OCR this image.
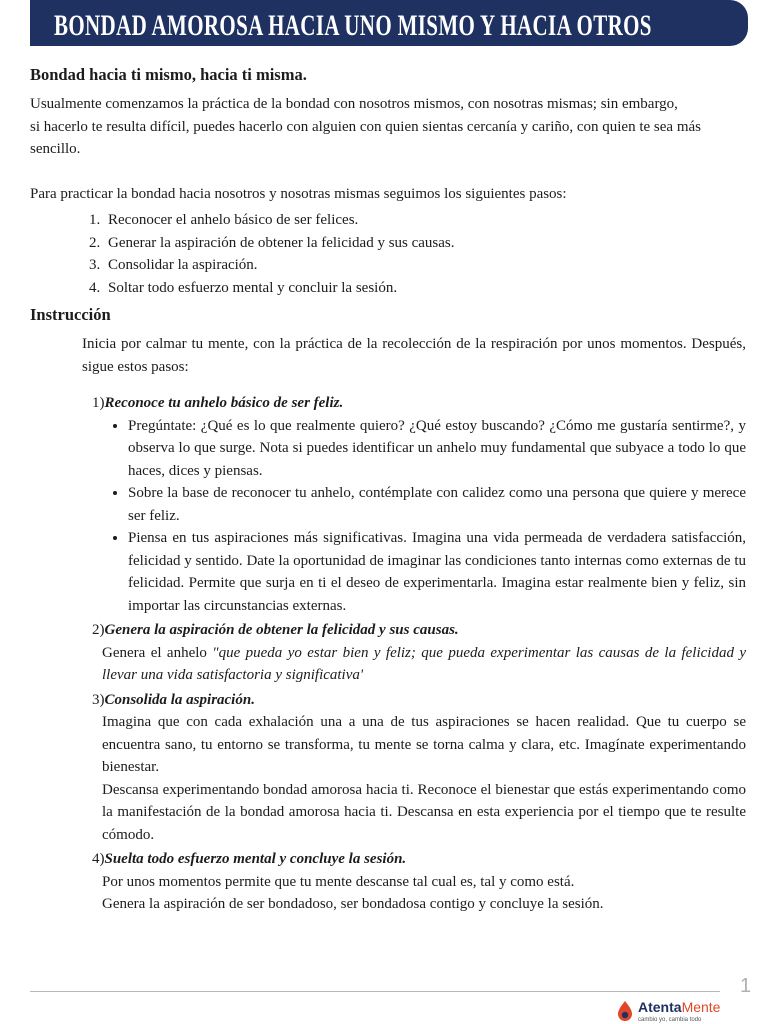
BONDAD AMOROSA HACIA UNO MISMO Y HACIA OTROS
Bondad hacia ti mismo, hacia ti misma.

Usualmente comenzamos la práctica de la bondad con nosotros mismos, con nosotras mismas; sin embargo,
si hacerlo te resulta difícil, puedes hacerlo con alguien con quien sientas cercanía y cariño, con quien te sea más sencillo.

Para practicar la bondad hacia nosotros y nosotras mismas seguimos los siguientes pasos:

1. Reconocer el anhelo básico de ser felices.
2. Generar la aspiración de obtener la felicidad y sus causas.
3. Consolidar la aspiración.
4. Soltar todo esfuerzo mental y concluir la sesión.
Instrucción

Inicia por calmar tu mente, con la práctica de la recolección de la respiración por unos momentos. Después, sigue estos pasos:

1)Reconoce tu anhelo básico de ser feliz.
• Pregúntate: ¿Qué es lo que realmente quiero? ¿Qué estoy buscando? ¿Cómo me gustaría sentirme?, y observa lo que surge. Nota si puedes identificar un anhelo muy fundamental que subyace a todo lo que haces, dices y piensas.
• Sobre la base de reconocer tu anhelo, contémplate con calidez como una persona que quiere y merece ser feliz.
• Piensa en tus aspiraciones más significativas. Imagina una vida permeada de verdadera satisfacción, felicidad y sentido. Date la oportunidad de imaginar las condiciones tanto internas como externas de tu felicidad. Permite que surja en ti el deseo de experimentarla. Imagina estar realmente bien y feliz, sin importar las circunstancias externas.
2)Genera la aspiración de obtener la felicidad y sus causas.

Genera el anhelo "que pueda yo estar bien y feliz; que pueda experimentar las causas de la felicidad y llevar una vida satisfactoria y significativa'

3)Consolida la aspiración.

Imagina que con cada exhalación una a una de tus aspiraciones se hacen realidad. Que tu cuerpo se encuentra sano, tu entorno se transforma, tu mente se torna calma y clara, etc. Imagínate experimentando bienestar.

Descansa experimentando bondad amorosa hacia ti. Reconoce el bienestar que estás experimentando como la manifestación de la bondad amorosa hacia ti. Descansa en esta experiencia por el tiempo que te resulte cómodo.

4)Suelta todo esfuerzo mental y concluye la sesión.

Por unos momentos permite que tu mente descanse tal cual es, tal y como está.

Genera la aspiración de ser bondadoso, ser bondadosa contigo y concluye la sesión.

1
AtentaMente
cambio yo, cambia todo
